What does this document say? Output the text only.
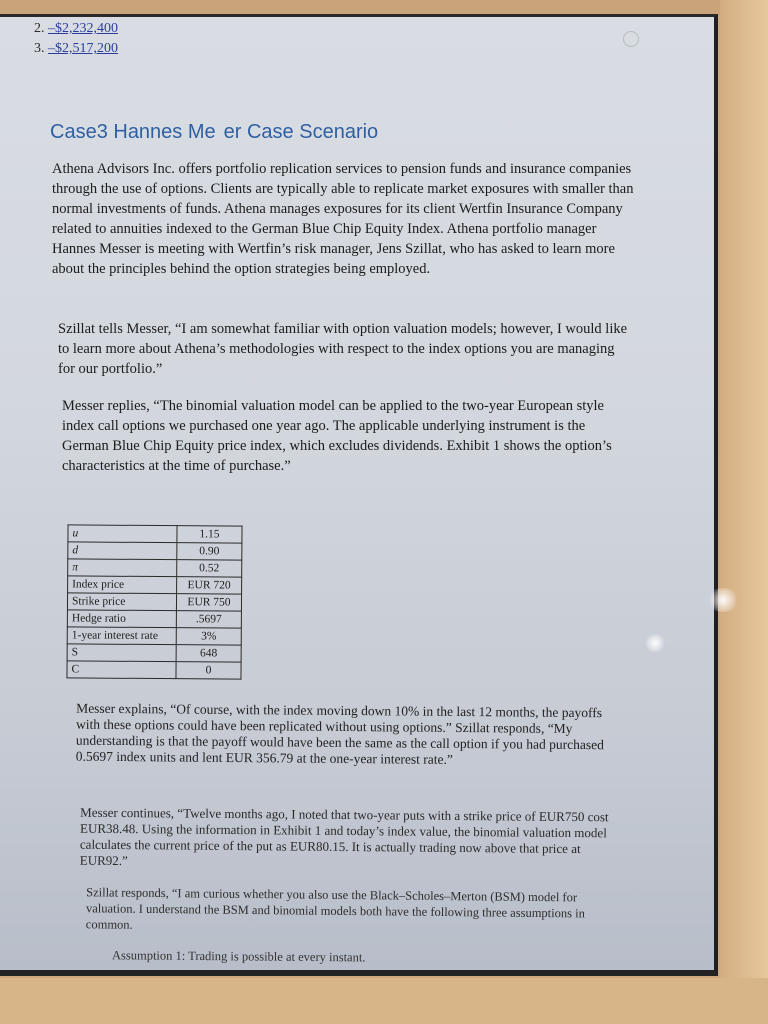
2. –$2,232,400
3. –$2,517,200
Case3 Hannes Me  er Case Scenario

Athena Advisors Inc. offers portfolio replication services to pension funds and insurance companies through the use of options. Clients are typically able to replicate market exposures with smaller than normal investments of funds. Athena manages exposures for its client Wertfin Insurance Company related to annuities indexed to the German Blue Chip Equity Index. Athena portfolio manager Hannes Messer is meeting with Wertfin’s risk manager, Jens Szillat, who has asked to learn more about the principles behind the option strategies being employed.

Szillat tells Messer, “I am somewhat familiar with option valuation models; however, I would like to learn more about Athena’s methodologies with respect to the index options you are managing for our portfolio.”

Messer replies, “The binomial valuation model can be applied to the two-year European style index call options we purchased one year ago. The applicable underlying instrument is the German Blue Chip Equity price index, which excludes dividends. Exhibit 1 shows the option’s characteristics at the time of purchase.”

u	1.15
d	0.90
π	0.52
Index price	EUR 720
Strike price	EUR 750
Hedge ratio	.5697
1-year interest rate	3%
S	648
C	0

Messer explains, “Of course, with the index moving down 10% in the last 12 months, the payoffs with these options could have been replicated without using options.” Szillat responds, “My understanding is that the payoff would have been the same as the call option if you had purchased 0.5697 index units and lent EUR 356.79 at the one-year interest rate.”

Messer continues, “Twelve months ago, I noted that two-year puts with a strike price of EUR750 cost EUR38.48. Using the information in Exhibit 1 and today’s index value, the binomial valuation model calculates the current price of the put as EUR80.15. It is actually trading now above that price at EUR92.”

Szillat responds, “I am curious whether you also use the Black–Scholes–Merton (BSM) model for valuation. I understand the BSM and binomial models both have the following three assumptions in common.

Assumption 1: Trading is possible at every instant.
